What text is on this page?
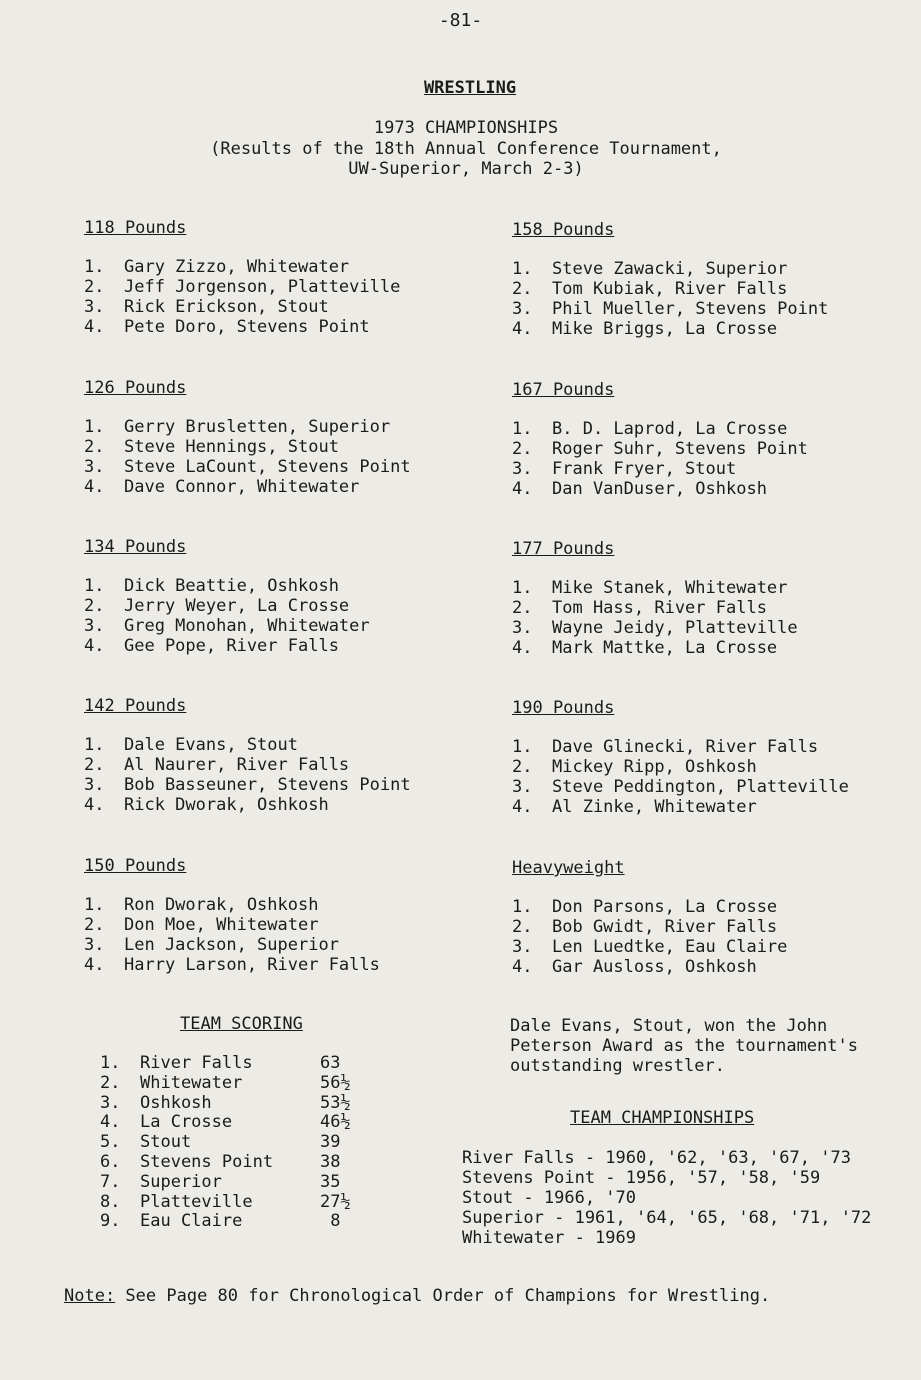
-81-
WRESTLING
1973 CHAMPIONSHIPS
(Results of the 18th Annual Conference Tournament,
UW-Superior, March 2-3)
118 Pounds
1. Gary Zizzo, Whitewater
2. Jeff Jorgenson, Platteville
3. Rick Erickson, Stout
4. Pete Doro, Stevens Point
126 Pounds
1. Gerry Brusletten, Superior
2. Steve Hennings, Stout
3. Steve LaCount, Stevens Point
4. Dave Connor, Whitewater
134 Pounds
1. Dick Beattie, Oshkosh
2. Jerry Weyer, La Crosse
3. Greg Monohan, Whitewater
4. Gee Pope, River Falls
142 Pounds
1. Dale Evans, Stout
2. Al Naurer, River Falls
3. Bob Basseuner, Stevens Point
4. Rick Dworak, Oshkosh
150 Pounds
1. Ron Dworak, Oshkosh
2. Don Moe, Whitewater
3. Len Jackson, Superior
4. Harry Larson, River Falls
158 Pounds
1. Steve Zawacki, Superior
2. Tom Kubiak, River Falls
3. Phil Mueller, Stevens Point
4. Mike Briggs, La Crosse
167 Pounds
1. B. D. Laprod, La Crosse
2. Roger Suhr, Stevens Point
3. Frank Fryer, Stout
4. Dan VanDuser, Oshkosh
177 Pounds
1. Mike Stanek, Whitewater
2. Tom Hass, River Falls
3. Wayne Jeidy, Platteville
4. Mark Mattke, La Crosse
190 Pounds
1. Dave Glinecki, River Falls
2. Mickey Ripp, Oshkosh
3. Steve Peddington, Platteville
4. Al Zinke, Whitewater
Heavyweight
1. Don Parsons, La Crosse
2. Bob Gwidt, River Falls
3. Len Luedtke, Eau Claire
4. Gar Ausloss, Oshkosh
TEAM SCORING
1. River Falls	63
2. Whitewater	56½
3. Oshkosh	53½
4. La Crosse	46½
5. Stout	39
6. Stevens Point	38
7. Superior	35
8. Platteville	27½
9. Eau Claire	8
Dale Evans, Stout, won the John
Peterson Award as the tournament's
outstanding wrestler.
TEAM CHAMPIONSHIPS
River Falls - 1960, '62, '63, '67, '73
Stevens Point - 1956, '57, '58, '59
Stout - 1966, '70
Superior - 1961, '64, '65, '68, '71, '72
Whitewater - 1969
Note: See Page 80 for Chronological Order of Champions for Wrestling.
